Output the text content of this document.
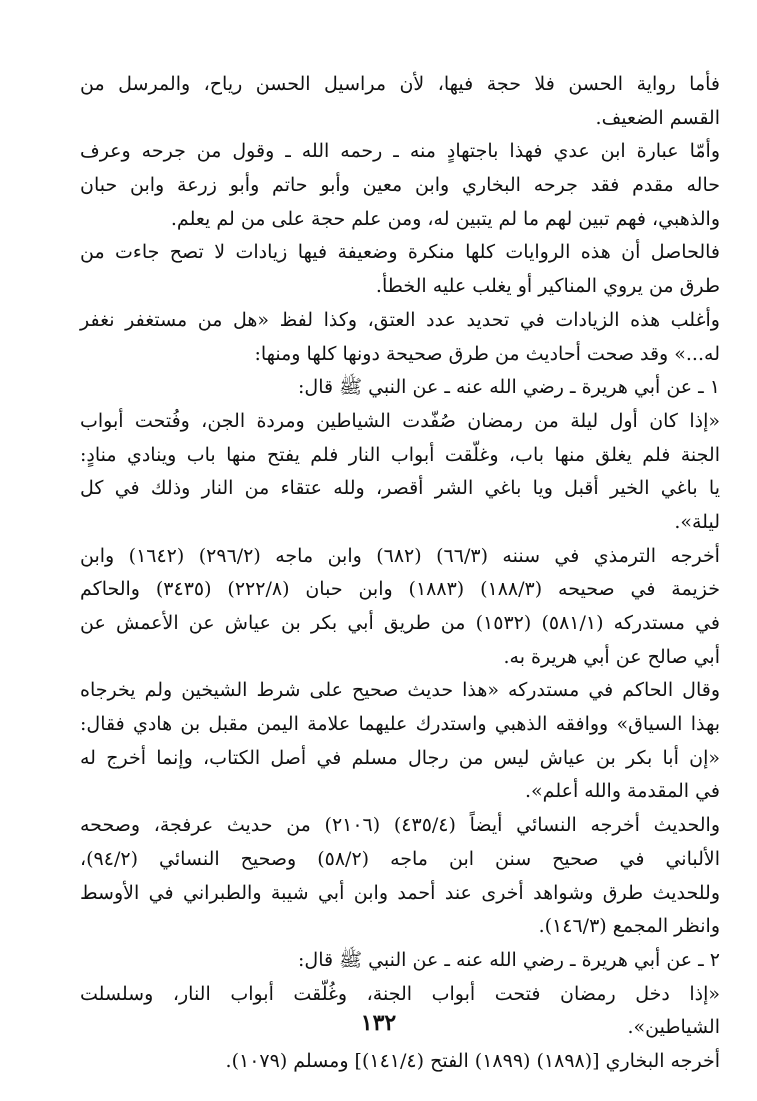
فأما رواية الحسن فلا حجة فيها، لأن مراسيل الحسن رياح، والمرسل من
القسم الضعيف.
وأمّا عبارة ابن عدي فهذا باجتهادٍ منه ـ رحمه الله ـ وقول من جرحه وعرف
حاله مقدم فقد جرحه البخاري وابن معين وأبو حاتم وأبو زرعة وابن حبان
والذهبي، فهم تبين لهم ما لم يتبين له، ومن علم حجة على من لم يعلم.
فالحاصل أن هذه الروايات كلها منكرة وضعيفة فيها زيادات لا تصح جاءت من
طرق من يروي المناكير أو يغلب عليه الخطأ.
وأغلب هذه الزيادات في تحديد عدد العتق، وكذا لفظ «هل من مستغفر نغفر
له...» وقد صحت أحاديث من طرق صحيحة دونها كلها ومنها:
١ ـ عن أبي هريرة ـ رضي الله عنه ـ عن النبي ﷺ قال:
«إذا كان أول ليلة من رمضان صُفّدت الشياطين ومردة الجن، وفُتحت أبواب
الجنة فلم يغلق منها باب، وغلّقت أبواب النار فلم يفتح منها باب وينادي منادٍ:
يا باغي الخير أقبل ويا باغي الشر أقصر، ولله عتقاء من النار وذلك في كل
ليلة».
أخرجه الترمذي في سننه (٦٦/٣) (٦٨٢) وابن ماجه (٢٩٦/٢) (١٦٤٢) وابن
خزيمة في صحيحه (١٨٨/٣) (١٨٨٣) وابن حبان (٢٢٢/٨) (٣٤٣٥) والحاكم
في مستدركه (٥٨١/١) (١٥٣٢) من طريق أبي بكر بن عياش عن الأعمش عن
أبي صالح عن أبي هريرة به.
وقال الحاكم في مستدركه «هذا حديث صحيح على شرط الشيخين ولم يخرجاه
بهذا السياق» ووافقه الذهبي واستدرك عليهما علامة اليمن مقبل بن هادي فقال:
«إن أبا بكر بن عياش ليس من رجال مسلم في أصل الكتاب، وإنما أخرج له
في المقدمة والله أعلم».
والحديث أخرجه النسائي أيضاً (٤٣٥/٤) (٢١٠٦) من حديث عرفجة، وصححه
الألباني في صحيح سنن ابن ماجه (٥٨/٢) وصحيح النسائي (٩٤/٢)،
وللحديث طرق وشواهد أخرى عند أحمد وابن أبي شيبة والطبراني في الأوسط
وانظر المجمع (١٤٦/٣).
٢ ـ عن أبي هريرة ـ رضي الله عنه ـ عن النبي ﷺ قال:
«إذا دخل رمضان فتحت أبواب الجنة، وغُلّقت أبواب النار، وسلسلت
الشياطين».
أخرجه البخاري [(١٨٩٨) (١٨٩٩) الفتح (١٤١/٤)] ومسلم (١٠٧٩).
١٣٢
